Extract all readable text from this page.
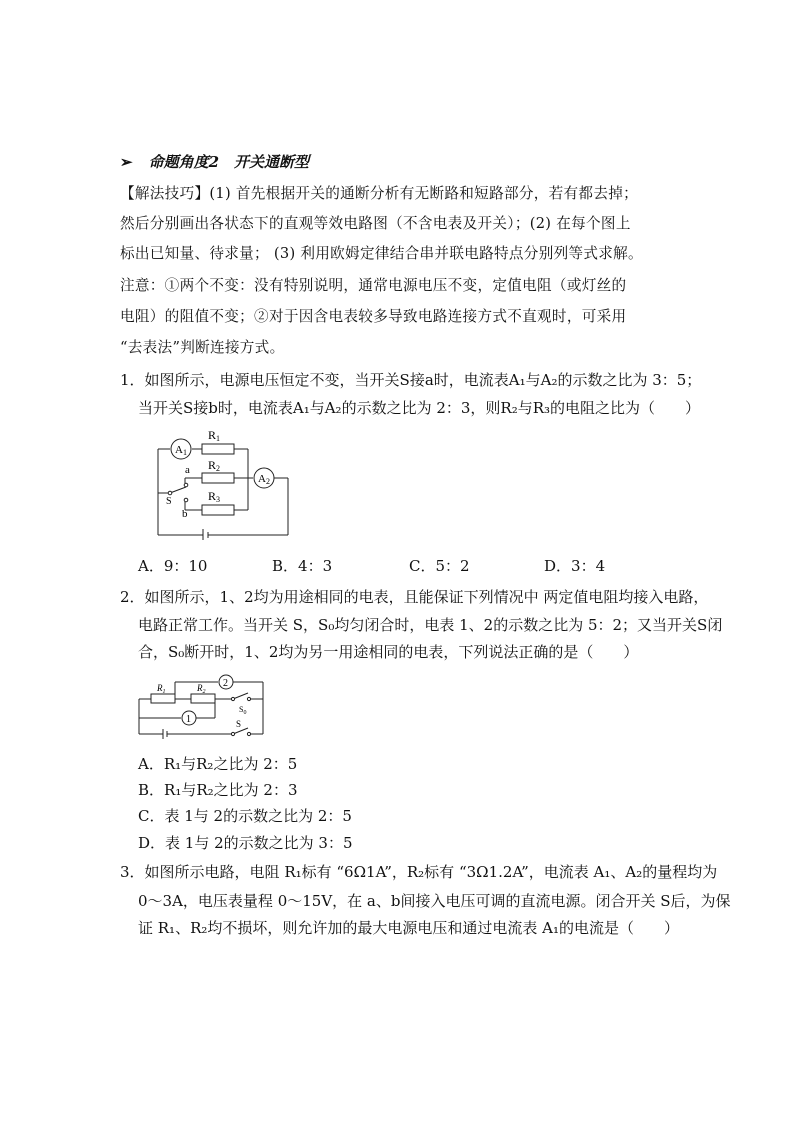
➢ 命题角度2　开关通断型
【解法技巧】(1) 首先根据开关的通断分析有无断路和短路部分，若有都去掉；
然后分别画出各状态下的直观等效电路图（不含电表及开关）；(2) 在每个图上
标出已知量、待求量； (3) 利用欧姆定律结合串并联电路特点分别列等式求解。
注意：①两个不变：没有特别说明，通常电源电压不变，定值电阻（或灯丝的
电阻）的阻值不变；②对于因含电表较多导致电路连接方式不直观时，可采用
“去表法”判断连接方式。
1．如图所示，电源电压恒定不变，当开关S接a时，电流表A₁与A₂的示数之比为 3：5；
当开关S接b时，电流表A₁与A₂的示数之比为 2：3，则R₂与R₃的电阻之比为（　　）
A1
A2
R1
R2
R3
a
b
S
A．9：10	B．4：3	C．5：2	D．3：4
2．如图所示，1、2均为用途相同的电表，且能保证下列情况中 两定值电阻均接入电路，
电路正常工作。当开关 S，S₀均匀闭合时，电表 1、2的示数之比为 5：2；又当开关S闭
合，S₀断开时，1、2均为另一用途相同的电表，下列说法正确的是（　　）
1
2
$R_1$	$R_2$
$S_0$
S
A．R₁与R₂之比为 2：5
B．R₁与R₂之比为 2：3
C．表 1与 2的示数之比为 2：5
D．表 1与 2的示数之比为 3：5
3．如图所示电路，电阻 R₁标有 “6Ω1A”，R₂标有 “3Ω1.2A”，电流表 A₁、A₂的量程均为
0～3A，电压表量程 0～15V，在 a、b间接入电压可调的直流电源。闭合开关 S后，为保
证 R₁、R₂均不损坏，则允许加的最大电源电压和通过电流表 A₁的电流是（　　）
